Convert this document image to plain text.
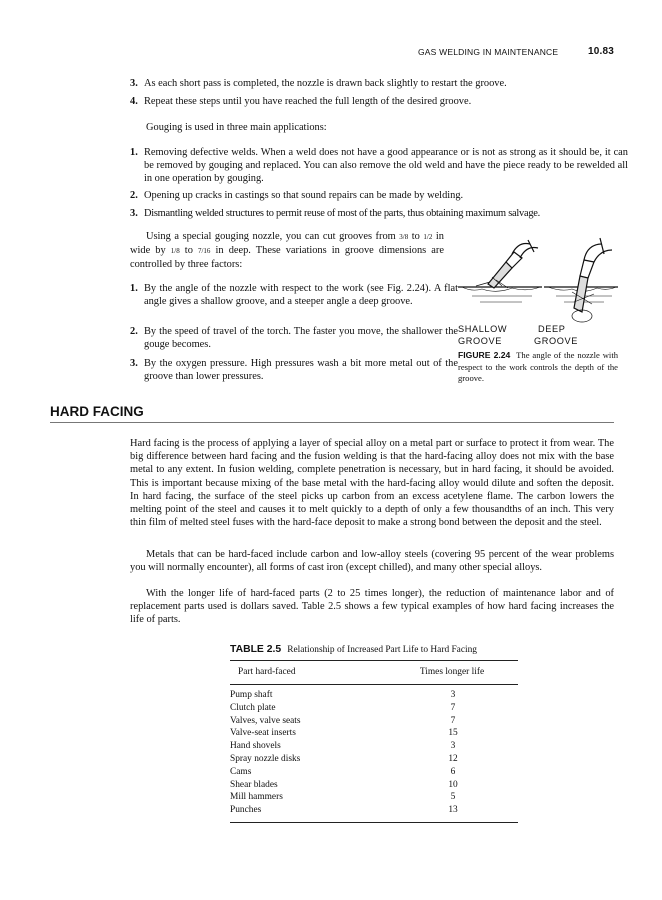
GAS WELDING IN MAINTENANCE	10.83
3. As each short pass is completed, the nozzle is drawn back slightly to restart the groove.
4. Repeat these steps until you have reached the full length of the desired groove.
Gouging is used in three main applications:
1. Removing defective welds. When a weld does not have a good appearance or is not as strong as it should be, it can be removed by gouging and replaced. You can also remove the old weld and have the piece ready to be rewelded all in one operation by gouging.
2. Opening up cracks in castings so that sound repairs can be made by welding.
3. Dismantling welded structures to permit reuse of most of the parts, thus obtaining maximum salvage.
Using a special gouging nozzle, you can cut grooves from 3/8 to 1/2 in wide by 1/8 to 7/16 in deep. These variations in groove dimensions are controlled by three factors:
1. By the angle of the nozzle with respect to the work (see Fig. 2.24). A flat angle gives a shallow groove, and a steeper angle a deep groove.
2. By the speed of travel of the torch. The faster you move, the shallower the gouge becomes.
3. By the oxygen pressure. High pressures wash a bit more metal out of the groove than lower pressures.
SHALLOW
GROOVE
DEEP
GROOVE
FIGURE 2.24 The angle of the nozzle with respect to the work controls the depth of the groove.
HARD FACING
Hard facing is the process of applying a layer of special alloy on a metal part or surface to protect it from wear. The big difference between hard facing and the fusion welding is that the hard-facing alloy does not mix with the base metal to any extent. In fusion welding, complete penetration is necessary, but in hard facing, it should be avoided. This is important because mixing of the base metal with the hard-facing alloy would dilute and soften the deposit. In hard facing, the surface of the steel picks up carbon from an excess acetylene flame. The carbon lowers the melting point of the steel and causes it to melt quickly to a depth of only a few thousandths of an inch. This very thin film of melted steel fuses with the hard-face deposit to make a strong bond between the deposit and the steel.
Metals that can be hard-faced include carbon and low-alloy steels (covering 95 percent of the wear problems you will normally encounter), all forms of cast iron (except chilled), and many other special alloys.
With the longer life of hard-faced parts (2 to 25 times longer), the reduction of maintenance labor and of replacement parts used is dollars saved. Table 2.5 shows a few typical examples of how hard facing increases the life of parts.
TABLE 2.5 Relationship of Increased Part Life to Hard Facing
Part hard-faced	Times longer life
Pump shaft	3
Clutch plate	7
Valves, valve seats	7
Valve-seat inserts	15
Hand shovels	3
Spray nozzle disks	12
Cams	6
Shear blades	10
Mill hammers	5
Punches	13
